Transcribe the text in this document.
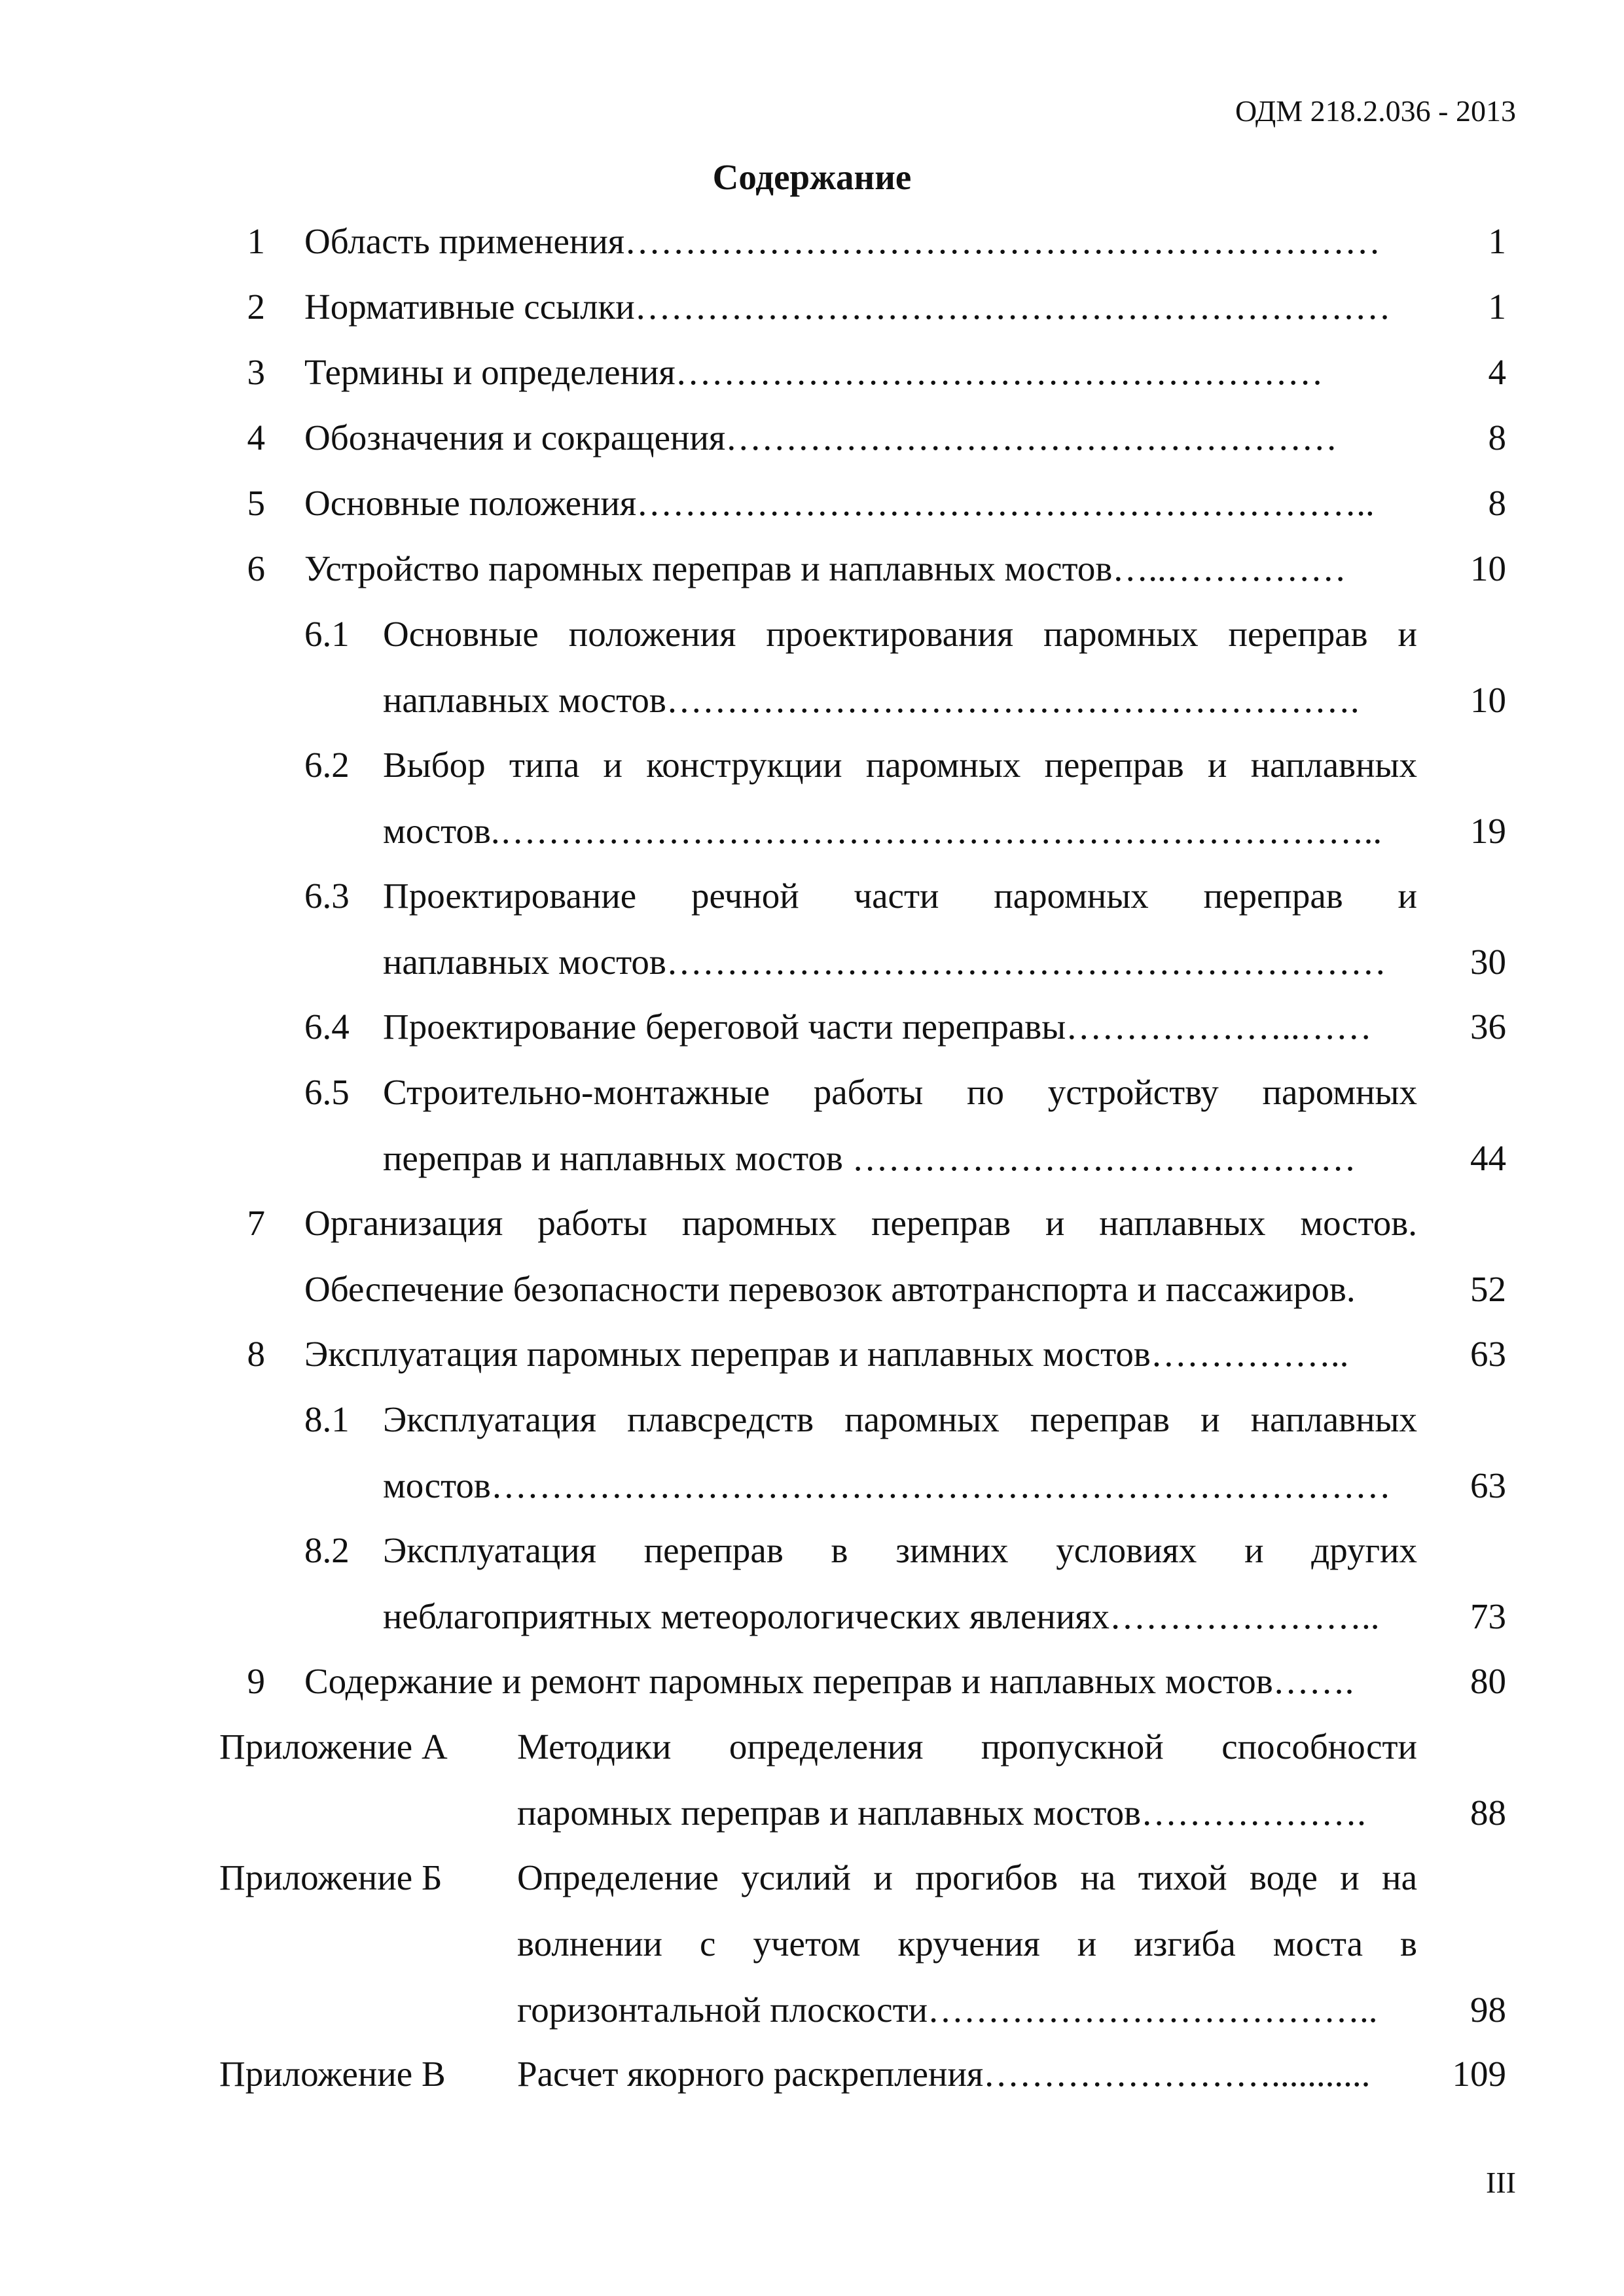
ОДМ 218.2.036 - 2013
Содержание
1 Область применения………………………………………………………	1
2 Нормативные ссылки………………………………………………………	1
3 Термины и определения………………………………………………	4
4 Обозначения и сокращения……………………………………………	8
5 Основные положения……………………………………………………..	8
6 Устройство паромных переправ и наплавных мостов…..……………	10
6.1 Основные положения проектирования паромных переправ и
наплавных мостов………………………………………………….	10
6.2 Выбор типа и конструкции паромных переправ и наплавных
мостов.………………………………………………………………..	19
6.3 Проектирование речной части паромных переправ и
наплавных мостов……………………………………………………	30
6.4 Проектирование береговой части переправы………………..……	36
6.5 Строительно-монтажные работы по устройству паромных
переправ и наплавных мостов ……………………………………	44
7 Организация работы паромных переправ и наплавных мостов.
Обеспечение безопасности перевозок автотранспорта и пассажиров.	52
8 Эксплуатация паромных переправ и наплавных мостов……………..	63
8.1 Эксплуатация плавсредств паромных переправ и наплавных
мостов…………………………………………………………………	63
8.2 Эксплуатация переправ в зимних условиях и других
неблагоприятных метеорологических явлениях…………………..	73
9 Содержание и ремонт паромных переправ и наплавных мостов…….	80
Приложение А	Методики определения пропускной способности
паромных переправ и наплавных мостов……………….	88
Приложение Б	Определение усилий и прогибов на тихой воде и на
волнении с учетом кручения и изгиба моста в
горизонтальной плоскости………………………………..	98
Приложение В	Расчет якорного раскрепления……………………...........	109
III
